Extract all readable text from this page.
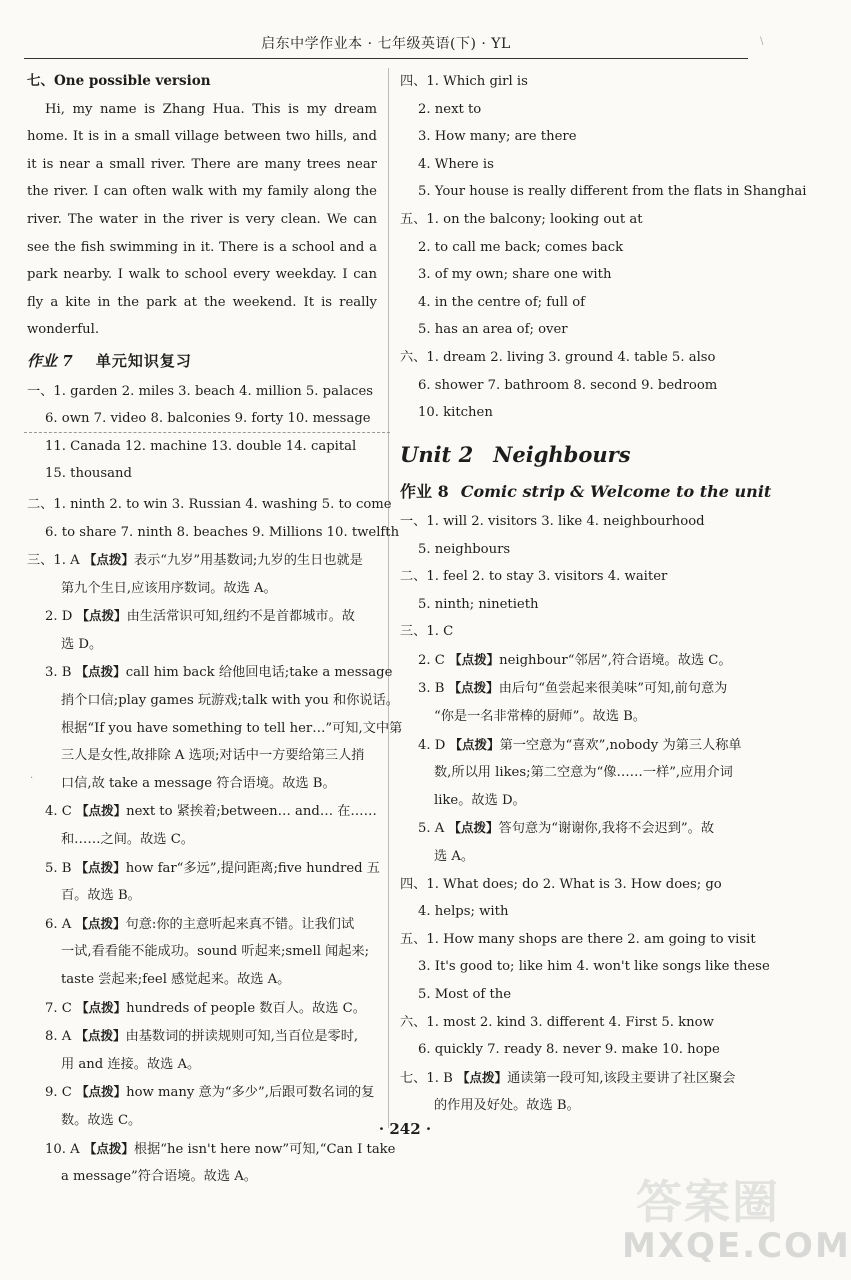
启东中学作业本 · 七年级英语(下) · YL	\
·
七、One possible version
Hi, my name is Zhang Hua. This is my dream home. It is in a small village between two hills, and it is near a small river. There are many trees near the river. I can often walk with my family along the river. The water in the river is very clean. We can see the fish swimming in it. There is a school and a park nearby. I walk to school every weekday. I can fly a kite in the park at the weekend. It is really wonderful.
作业 7 单元知识复习
一、1. garden 2. miles 3. beach 4. million 5. palaces
6. own 7. video 8. balconies 9. forty 10. message
11. Canada 12. machine 13. double 14. capital
15. thousand
二、1. ninth 2. to win 3. Russian 4. washing 5. to come
6. to share 7. ninth 8. beaches 9. Millions 10. twelfth
三、1. A 【点拨】表示“九岁”用基数词;九岁的生日也就是
第九个生日,应该用序数词。故选 A。
2. D 【点拨】由生活常识可知,纽约不是首都城市。故
选 D。
3. B 【点拨】call him back 给他回电话;take a message
捎个口信;play games 玩游戏;talk with you 和你说话。
根据“If you have something to tell her…”可知,文中第
三人是女性,故排除 A 选项;对话中一方要给第三人捎
口信,故 take a message 符合语境。故选 B。
4. C 【点拨】next to 紧挨着;between… and… 在……
和……之间。故选 C。
5. B 【点拨】how far“多远”,提问距离;five hundred 五
百。故选 B。
6. A 【点拨】句意:你的主意听起来真不错。让我们试
一试,看看能不能成功。sound 听起来;smell 闻起来;
taste 尝起来;feel 感觉起来。故选 A。
7. C 【点拨】hundreds of people 数百人。故选 C。
8. A 【点拨】由基数词的拼读规则可知,当百位是零时,
用 and 连接。故选 A。
9. C 【点拨】how many 意为“多少”,后跟可数名词的复
数。故选 C。
10. A 【点拨】根据“he isn't here now”可知,“Can I take
a message”符合语境。故选 A。
四、1. Which girl is
2. next to
3. How many; are there
4. Where is
5. Your house is really different from the flats in Shanghai
五、1. on the balcony; looking out at
2. to call me back; comes back
3. of my own; share one with
4. in the centre of; full of
5. has an area of; over
六、1. dream 2. living 3. ground 4. table 5. also
6. shower 7. bathroom 8. second 9. bedroom
10. kitchen
Unit 2 Neighbours
作业 8 Comic strip & Welcome to the unit
一、1. will 2. visitors 3. like 4. neighbourhood
5. neighbours
二、1. feel 2. to stay 3. visitors 4. waiter
5. ninth; ninetieth
三、1. C
2. C 【点拨】neighbour“邻居”,符合语境。故选 C。
3. B 【点拨】由后句“鱼尝起来很美味”可知,前句意为
“你是一名非常棒的厨师”。故选 B。
4. D 【点拨】第一空意为“喜欢”,nobody 为第三人称单
数,所以用 likes;第二空意为“像……一样”,应用介词
like。故选 D。
5. A 【点拨】答句意为“谢谢你,我将不会迟到”。故
选 A。
四、1. What does; do 2. What is 3. How does; go
4. helps; with
五、1. How many shops are there 2. am going to visit
3. It's good to; like him 4. won't like songs like these
5. Most of the
六、1. most 2. kind 3. different 4. First 5. know
6. quickly 7. ready 8. never 9. make 10. hope
七、1. B 【点拨】通读第一段可知,该段主要讲了社区聚会
的作用及好处。故选 B。
· 242 ·
答案圈
MXQE.COM
